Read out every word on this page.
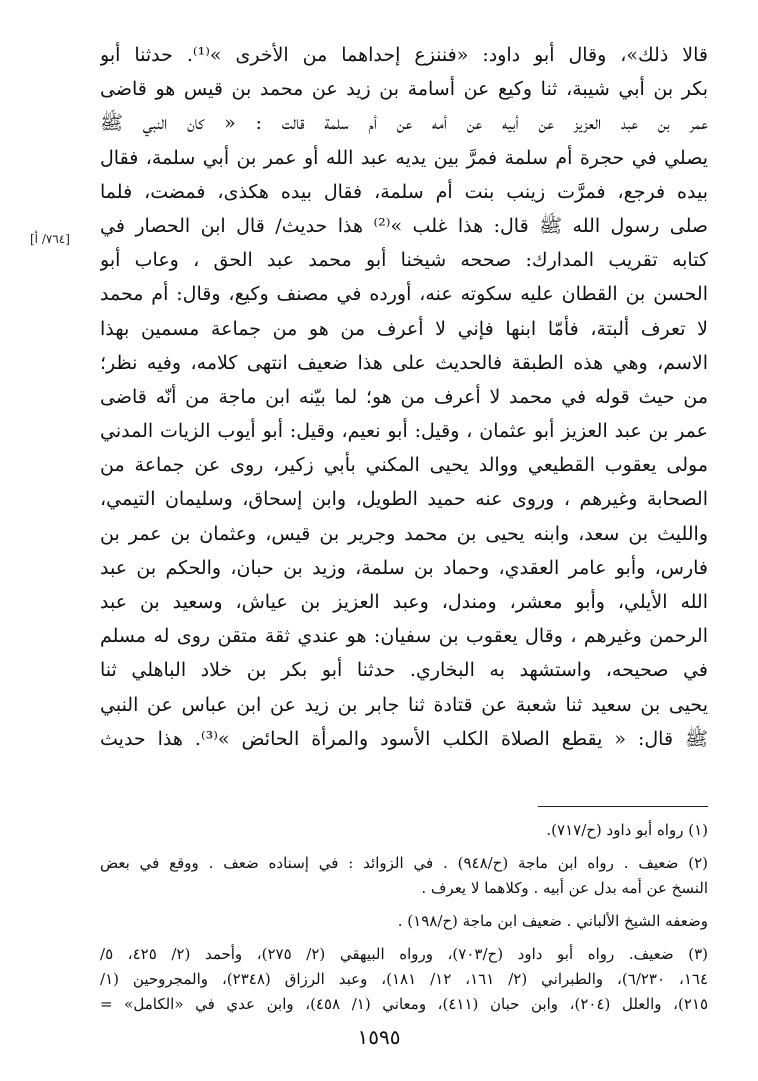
قالا ذلك»، وقال أبو داود: «فننزع إحداهما من الأخرى »⁽¹⁾. حدثنا أبو
بكر بن أبي شيبة، ثنا وكيع عن أسامة بن زيد عن محمد بن قيس هو قاضى
عمر بن عبد العزيز عن أبيه عن أمه عن أم سلمة قالت : « كان النبي ﷺ
يصلي في حجرة أم سلمة فمرَّ بين يديه عبد الله أو عمر بن أبي سلمة، فقال
بيده فرجع، فمرَّت زينب بنت أم سلمة، فقال بيده هكذى، فمضت، فلما
صلى رسول الله ﷺ قال: هذا غلب »⁽²⁾ هذا حديث/ قال ابن الحصار في
كتابه تقريب المدارك: صححه شيخنا أبو محمد عبد الحق ، وعاب أبو
الحسن بن القطان عليه سكوته عنه، أورده في مصنف وكيع، وقال: أم محمد
لا تعرف ألبتة، فأمّا ابنها فإني لا أعرف من هو من جماعة مسمين بهذا
الاسم، وهي هذه الطبقة فالحديث على هذا ضعيف انتهى كلامه، وفيه نظر؛
من حيث قوله في محمد لا أعرف من هو؛ لما بيّنه ابن ماجة من أنّه قاضى
عمر بن عبد العزيز أبو عثمان ، وقيل: أبو نعيم، وقيل: أبو أيوب الزيات المدني
مولى يعقوب القطيعي ووالد يحيى المكني بأبي زكير، روى عن جماعة من
الصحابة وغيرهم ، وروى عنه حميد الطويل، وابن إسحاق، وسليمان التيمي،
والليث بن سعد، وابنه يحيى بن محمد وجرير بن قيس، وعثمان بن عمر بن
فارس، وأبو عامر العقدي، وحماد بن سلمة، وزيد بن حبان، والحكم بن عبد
الله الأيلي، وأبو معشر، ومندل، وعبد العزيز بن عياش، وسعيد بن عبد
الرحمن وغيرهم ، وقال يعقوب بن سفيان: هو عندي ثقة متقن روى له مسلم
في صحيحه، واستشهد به البخاري. حدثنا أبو بكر بن خلاد الباهلي ثنا
يحيى بن سعيد ثنا شعبة عن قتادة ثنا جابر بن زيد عن ابن عباس عن النبي
ﷺ قال: « يقطع الصلاة الكلب الأسود والمرأة الحائض »⁽³⁾. هذا حديث
[٧٦٤/ أ]
(١) رواه أبو داود (ح/٧١٧).
(٢) ضعيف . رواه ابن ماجة (ح/٩٤٨) . في الزوائد : في إسناده ضعف . ووقع في بعض
النسخ عن أمه بدل عن أبيه . وكلاهما لا يعرف .
وضعفه الشيخ الألباني . ضعيف ابن ماجة (ح/١٩٨) .
(٣) ضعيف. رواه أبو داود (ح/٧٠٣)، ورواه البيهقي (٢/ ٢٧٥)، وأحمد (٢/ ٤٢٥، ٥/
١٦٤، ٦/٢٣٠)، والطبراني (٢/ ١٦١، ١٢/ ١٨١)، وعبد الرزاق (٢٣٤٨)، والمجروحين (١/
٢١٥)، والعلل (٢٠٤)، وابن حبان (٤١١)، ومعاني (١/ ٤٥٨)، وابن عدي في «الكامل» =
١٥٩٥
